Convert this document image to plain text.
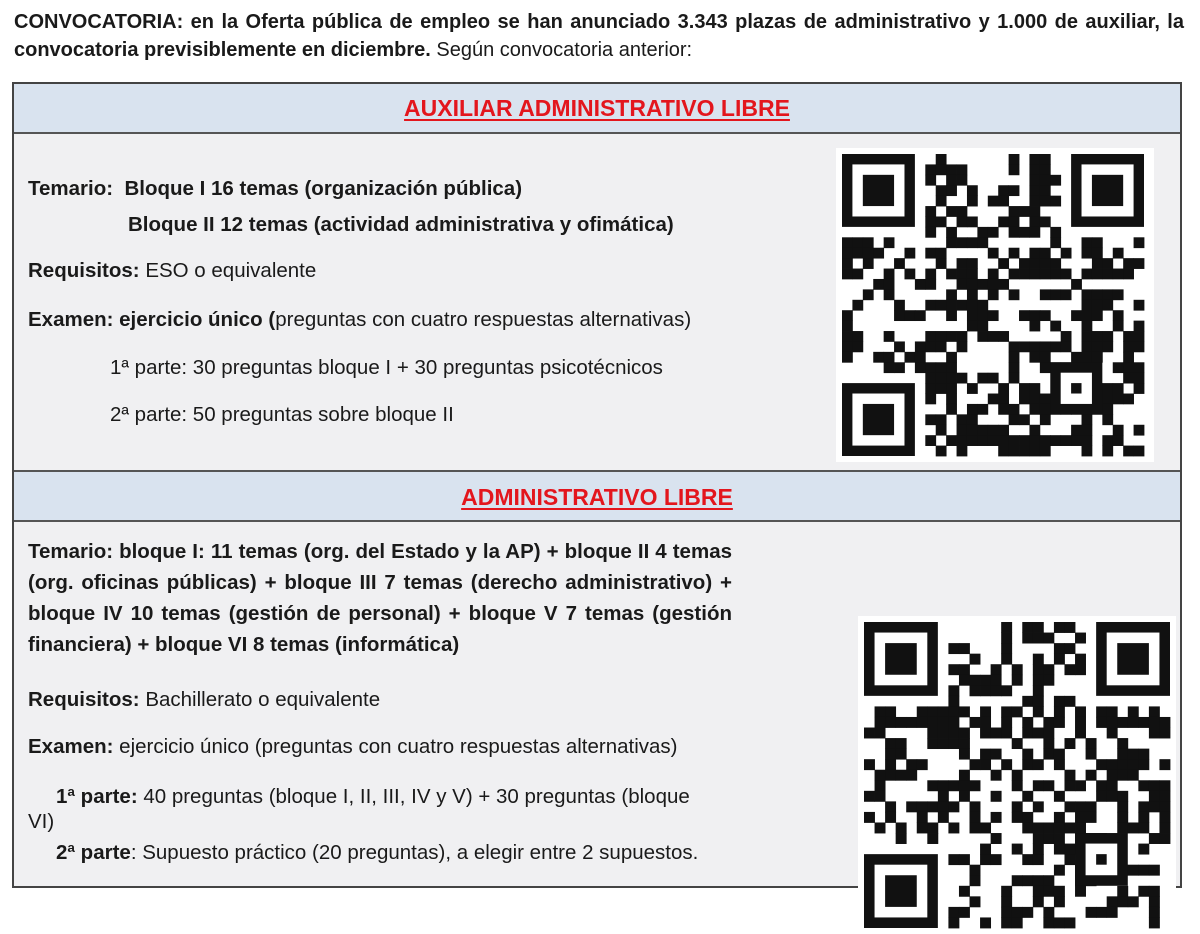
CONVOCATORIA: en la Oferta pública de empleo se han anunciado 3.343 plazas de administrativo y 1.000 de auxiliar, la convocatoria previsiblemente en diciembre. Según convocatoria anterior:
AUXILIAR ADMINISTRATIVO LIBRE
Temario: Bloque I 16 temas (organización pública)
Bloque II 12 temas (actividad administrativa y ofimática)
Requisitos: ESO o equivalente
Examen: ejercicio único (preguntas con cuatro respuestas alternativas)
1ª parte: 30 preguntas bloque I + 30 preguntas psicotécnicos
2ª parte: 50 preguntas sobre bloque II
ADMINISTRATIVO LIBRE
Temario: bloque I: 11 temas (org. del Estado y la AP) + bloque II 4 temas (org. oficinas públicas) + bloque III 7 temas (derecho administrativo) + bloque IV 10 temas (gestión de personal) + bloque V 7 temas (gestión financiera) + bloque VI 8 temas (informática)
Requisitos: Bachillerato o equivalente
Examen: ejercicio único (preguntas con cuatro respuestas alternativas)
1ª parte: 40 preguntas (bloque I, II, III, IV y V) + 30 preguntas (bloque
VI)
2ª parte: Supuesto práctico (20 preguntas), a elegir entre 2 supuestos.
